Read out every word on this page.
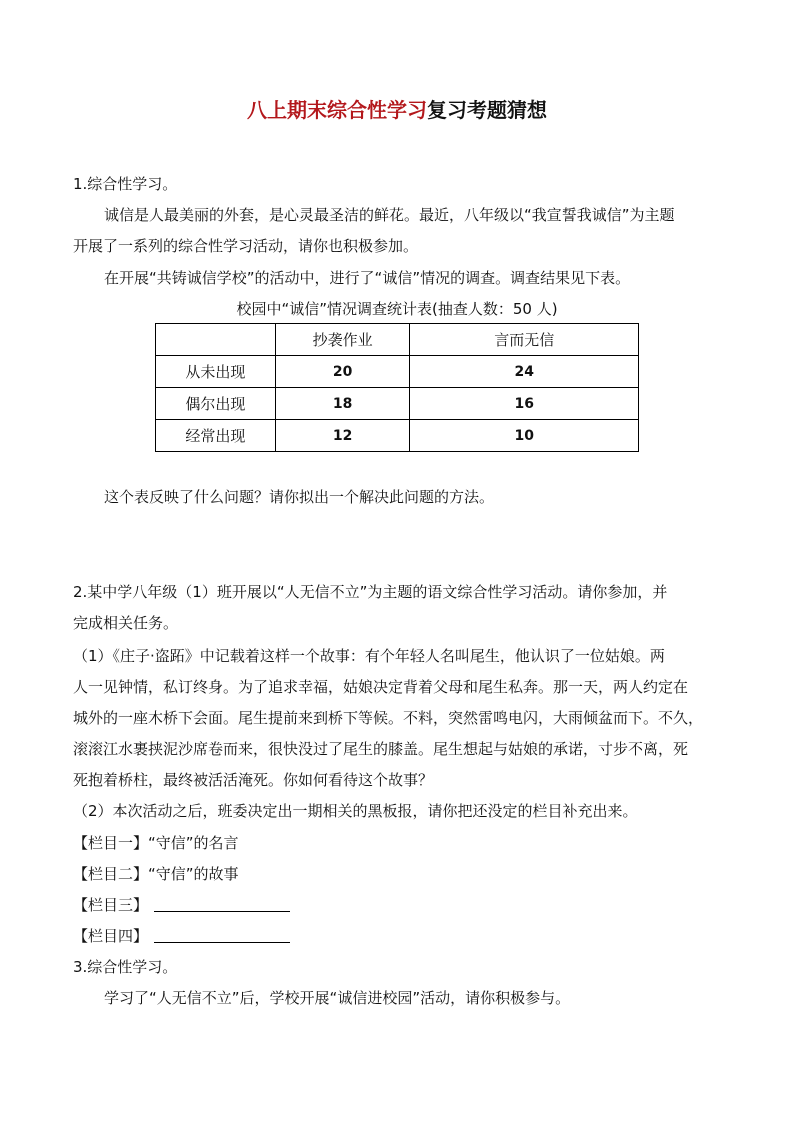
八上期末综合性学习复习考题猜想
1.综合性学习。
诚信是人最美丽的外套，是心灵最圣洁的鲜花。最近，八年级以“我宣誓我诚信”为主题
开展了一系列的综合性学习活动，请你也积极参加。
在开展“共铸诚信学校”的活动中，进行了“诚信”情况的调查。调查结果见下表。
校园中“诚信”情况调查统计表(抽查人数：50 人)
	抄袭作业	言而无信
从未出现	20	24
偶尔出现	18	16
经常出现	12	10
这个表反映了什么问题？请你拟出一个解决此问题的方法。
2.某中学八年级（1）班开展以“人无信不立”为主题的语文综合性学习活动。请你参加，并
完成相关任务。
（1）《庄子·盗跖》中记载着这样一个故事：有个年轻人名叫尾生，他认识了一位姑娘。两
人一见钟情，私订终身。为了追求幸福，姑娘决定背着父母和尾生私奔。那一天，两人约定在
城外的一座木桥下会面。尾生提前来到桥下等候。不料，突然雷鸣电闪，大雨倾盆而下。不久，
滚滚江水裹挟泥沙席卷而来，很快没过了尾生的膝盖。尾生想起与姑娘的承诺，寸步不离，死
死抱着桥柱，最终被活活淹死。你如何看待这个故事？
（2）本次活动之后，班委决定出一期相关的黑板报，请你把还没定的栏目补充出来。
【栏目一】“守信”的名言
【栏目二】“守信”的故事
【栏目三】
【栏目四】
3.综合性学习。
学习了“人无信不立”后，学校开展“诚信进校园”活动，请你积极参与。
